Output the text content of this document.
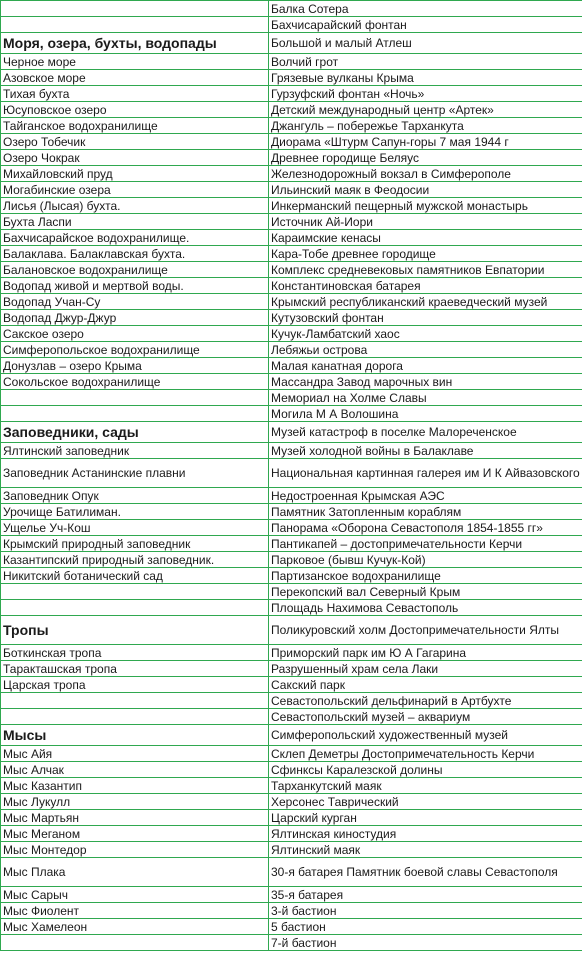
	Балка Сотера
	Бахчисарайский фонтан
Моря, озера, бухты, водопады	Большой и малый Атлеш
Черное море	Волчий грот
Азовское море	Грязевые вулканы Крыма
Тихая бухта	Гурзуфский фонтан «Ночь»
Юсуповское озеро	Детский международный центр «Артек»
Тайганское водохранилище	Джангуль – побережье Тарханкута
Озеро Тобечик	Диорама «Штурм Сапун-горы 7 мая 1944 г
Озеро Чокрак	Древнее городище Беляус
Михайловский пруд	Железнодорожный вокзал в Симферополе
Могабинские озера	Ильинский маяк в Феодосии
Лисья (Лысая) бухта.	Инкерманский пещерный мужской монастырь
Бухта Ласпи	Источник Ай-Иори
Бахчисарайское водохранилище.	Караимские кенасы
Балаклава. Балаклавская бухта.	Кара-Тобе древнее городище
Балановское водохранилище	Комплекс средневековых памятников Евпатории
Водопад живой и мертвой воды.	Константиновская батарея
Водопад Учан-Су	Крымский республиканский краеведческий музей
Водопад Джур-Джур	Кутузовский фонтан
Сакское озеро	Кучук-Ламбатский хаос
Симферопольское водохранилище	Лебяжьи острова
Донузлав – озеро Крыма	Малая канатная дорога
Сокольское водохранилище	Массандра Завод марочных вин
	Мемориал на Холме Славы
	Могила М А Волошина
Заповедники, сады	Музей катастроф в поселке Малореченское
Ялтинский заповедник	Музей холодной войны в Балаклаве
Заповедник Астанинские плавни	Национальная картинная галерея им И К Айвазовского
Заповедник Опук	Недостроенная Крымская АЭС
Урочище Батилиман.	Памятник Затопленным кораблям
Ущелье Уч-Кош	Панорама «Оборона Севастополя 1854-1855 гг»
Крымский природный заповедник	Пантикапей – достопримечательности Керчи
Казантипский природный заповедник.	Парковое (бывш Кучук-Кой)
Никитский ботанический сад	Партизанское водохранилище
	Перекопский вал Северный Крым
	Площадь Нахимова Севастополь
Тропы	Поликуровский холм Достопримечательности Ялты
Боткинская тропа	Приморский парк им Ю А Гагарина
Таракташская тропа	Разрушенный храм села Лаки
Царская тропа	Сакский парк
	Севастопольский дельфинарий в Артбухте
	Севастопольский музей – аквариум
Мысы	Симферопольский художественный музей
Мыс Айя	Склеп Деметры Достопримечательность Керчи
Мыс Алчак	Сфинксы Каралезской долины
Мыс Казантип	Тарханкутский маяк
Мыс Лукулл	Херсонес Таврический
Мыс Мартьян	Царский курган
Мыс Меганом	Ялтинская киностудия
Мыс Монтедор	Ялтинский маяк
Мыс Плака	30-я батарея Памятник боевой славы Севастополя
Мыс Сарыч	35-я батарея
Мыс Фиолент	3-й бастион
Мыс Хамелеон	5 бастион
	7-й бастион
